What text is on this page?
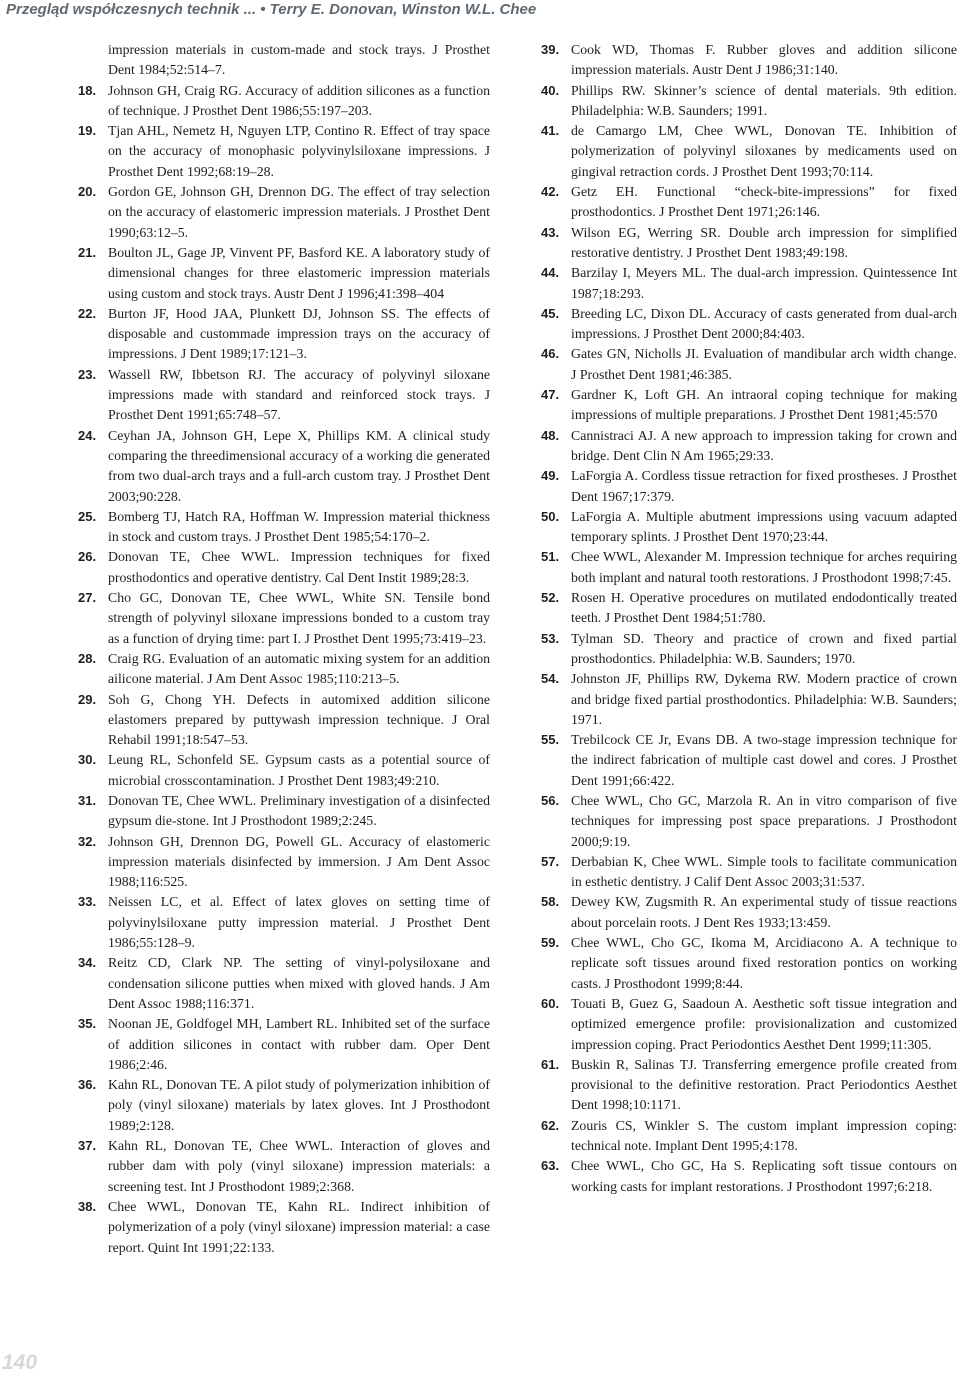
Przegląd współczesnych technik ... • Terry E. Donovan, Winston W.L. Chee

impression materials in custom-made and stock trays. J Prosthet Dent 1984;52:514–7.

18. Johnson GH, Craig RG. Accuracy of addition silicones as a function of technique. J Prosthet Dent 1986;55:197–203.

19. Tjan AHL, Nemetz H, Nguyen LTP, Contino R. Effect of tray space on the accuracy of monophasic polyvinylsiloxane impressions. J Prosthet Dent 1992;68:19–28.

20. Gordon GE, Johnson GH, Drennon DG. The effect of tray selection on the accuracy of elastomeric impression materials. J Prosthet Dent 1990;63:12–5.

21. Boulton JL, Gage JP, Vinvent PF, Basford KE. A laboratory study of dimensional changes for three elastomeric impression materials using custom and stock trays. Austr Dent J 1996;41:398–404

22. Burton JF, Hood JAA, Plunkett DJ, Johnson SS. The effects of disposable and custommade impression trays on the accuracy of impressions. J Dent 1989;17:121–3.

23. Wassell RW, Ibbetson RJ. The accuracy of polyvinyl siloxane impressions made with standard and reinforced stock trays. J Prosthet Dent 1991;65:748–57.

24. Ceyhan JA, Johnson GH, Lepe X, Phillips KM. A clinical study comparing the threedimensional accuracy of a working die generated from two dual-arch trays and a full-arch custom tray. J Prosthet Dent 2003;90:228.

25. Bomberg TJ, Hatch RA, Hoffman W. Impression material thickness in stock and custom trays. J Prosthet Dent 1985;54:170–2.

26. Donovan TE, Chee WWL. Impression techniques for fixed prosthodontics and operative dentistry. Cal Dent Instit 1989;28:3.

27. Cho GC, Donovan TE, Chee WWL, White SN. Tensile bond strength of polyvinyl siloxane impressions bonded to a custom tray as a function of drying time: part I. J Prosthet Dent 1995;73:419–23.

28. Craig RG. Evaluation of an automatic mixing system for an addition ailicone material. J Am Dent Assoc 1985;110:213–5.

29. Soh G, Chong YH. Defects in automixed addition silicone elastomers prepared by puttywash impression technique. J Oral Rehabil 1991;18:547–53.

30. Leung RL, Schonfeld SE. Gypsum casts as a potential source of microbial crosscontamination. J Prosthet Dent 1983;49:210.

31. Donovan TE, Chee WWL. Preliminary investigation of a disinfected gypsum die-stone. Int J Prosthodont 1989;2:245.

32. Johnson GH, Drennon DG, Powell GL. Accuracy of elastomeric impression materials disinfected by immersion. J Am Dent Assoc 1988;116:525.

33. Neissen LC, et al. Effect of latex gloves on setting time of polyvinylsiloxane putty impression material. J Prosthet Dent 1986;55:128–9.

34. Reitz CD, Clark NP. The setting of vinyl-polysiloxane and condensation silicone putties when mixed with gloved hands. J Am Dent Assoc 1988;116:371.

35. Noonan JE, Goldfogel MH, Lambert RL. Inhibited set of the surface of addition silicones in contact with rubber dam. Oper Dent 1986;2:46.

36. Kahn RL, Donovan TE. A pilot study of polymerization inhibition of poly (vinyl siloxane) materials by latex gloves. Int J Prosthodont 1989;2:128.

37. Kahn RL, Donovan TE, Chee WWL. Interaction of gloves and rubber dam with poly (vinyl siloxane) impression materials: a screening test. Int J Prosthodont 1989;2:368.

38. Chee WWL, Donovan TE, Kahn RL. Indirect inhibition of polymerization of a poly (vinyl siloxane) impression material: a case report. Quint Int 1991;22:133.

39. Cook WD, Thomas F. Rubber gloves and addition silicone impression materials. Austr Dent J 1986;31:140.

40. Phillips RW. Skinner’s science of dental materials. 9th edition. Philadelphia: W.B. Saunders; 1991.

41. de Camargo LM, Chee WWL, Donovan TE. Inhibition of polymerization of polyvinyl siloxanes by medicaments used on gingival retraction cords. J Prosthet Dent 1993;70:114.

42. Getz EH. Functional “check-bite-impressions” for fixed prosthodontics. J Prosthet Dent 1971;26:146.

43. Wilson EG, Werring SR. Double arch impression for simplified restorative dentistry. J Prosthet Dent 1983;49:198.

44. Barzilay I, Meyers ML. The dual-arch impression. Quintessence Int 1987;18:293.

45. Breeding LC, Dixon DL. Accuracy of casts generated from dual-arch impressions. J Prosthet Dent 2000;84:403.

46. Gates GN, Nicholls JI. Evaluation of mandibular arch width change. J Prosthet Dent 1981;46:385.

47. Gardner K, Loft GH. An intraoral coping technique for making impressions of multiple preparations. J Prosthet Dent 1981;45:570

48. Cannistraci AJ. A new approach to impression taking for crown and bridge. Dent Clin N Am 1965;29:33.

49. LaForgia A. Cordless tissue retraction for fixed prostheses. J Prosthet Dent 1967;17:379.

50. LaForgia A. Multiple abutment impressions using vacuum adapted temporary splints. J Prosthet Dent 1970;23:44.

51. Chee WWL, Alexander M. Impression technique for arches requiring both implant and natural tooth restorations. J Prosthodont 1998;7:45.

52. Rosen H. Operative procedures on mutilated endodontically treated teeth. J Prosthet Dent 1984;51:780.

53. Tylman SD. Theory and practice of crown and fixed partial prosthodontics. Philadelphia: W.B. Saunders; 1970.

54. Johnston JF, Phillips RW, Dykema RW. Modern practice of crown and bridge fixed partial prosthodontics. Philadelphia: W.B. Saunders; 1971.

55. Trebilcock CE Jr, Evans DB. A two-stage impression technique for the indirect fabrication of multiple cast dowel and cores. J Prosthet Dent 1991;66:422.

56. Chee WWL, Cho GC, Marzola R. An in vitro comparison of five techniques for impressing post space preparations. J Prosthodont 2000;9:19.

57. Derbabian K, Chee WWL. Simple tools to facilitate communication in esthetic dentistry. J Calif Dent Assoc 2003;31:537.

58. Dewey KW, Zugsmith R. An experimental study of tissue reactions about porcelain roots. J Dent Res 1933;13:459.

59. Chee WWL, Cho GC, Ikoma M, Arcidiacono A. A technique to replicate soft tissues around fixed restoration pontics on working casts. J Prosthodont 1999;8:44.

60. Touati B, Guez G, Saadoun A. Aesthetic soft tissue integration and optimized emergence profile: provisionalization and customized impression coping. Pract Periodontics Aesthet Dent 1999;11:305.

61. Buskin R, Salinas TJ. Transferring emergence profile created from provisional to the definitive restoration. Pract Periodontics Aesthet Dent 1998;10:1171.

62. Zouris CS, Winkler S. The custom implant impression coping: technical note. Implant Dent 1995;4:178.

63. Chee WWL, Cho GC, Ha S. Replicating soft tissue contours on working casts for implant restorations. J Prosthodont 1997;6:218.

140
